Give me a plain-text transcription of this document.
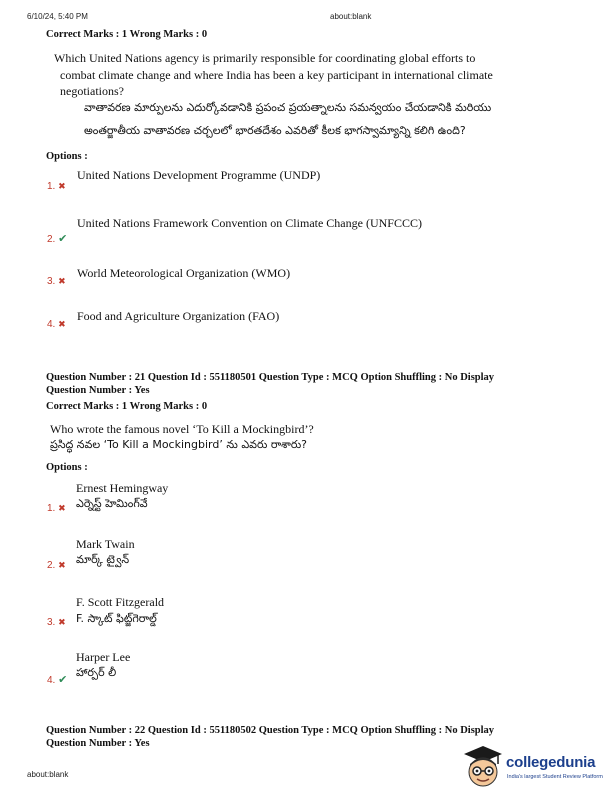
6/10/24, 5:40 PM	about:blank
Correct Marks : 1 Wrong Marks : 0
Which United Nations agency is primarily responsible for coordinating global efforts to
combat climate change and where India has been a key participant in international climate
negotiations?
వాతావరణ మార్పులను ఎదుర్కోవడానికి ప్రపంచ ప్రయత్నాలను సమన్వయం చేయడానికి మరియు
అంతర్జాతీయ వాతావరణ చర్చలలో భారతదేశం ఎవరితో కీలక భాగస్వామ్యాన్ని కలిగి ఉంది?
Options :
United Nations Development Programme (UNDP)
1. ✖
United Nations Framework Convention on Climate Change (UNFCCC)
2. ✔
World Meteorological Organization (WMO)
3. ✖
Food and Agriculture Organization (FAO)
4. ✖
Question Number : 21 Question Id : 551180501 Question Type : MCQ Option Shuffling : No Display
Question Number : Yes
Correct Marks : 1 Wrong Marks : 0
Who wrote the famous novel ‘To Kill a Mockingbird’?
ప్రసిద్ధ నవల ‘To Kill a Mockingbird’ ను ఎవరు రాశారు?
Options :
Ernest Hemingway
ఎర్నెస్ట్ హెమింగ్‌వే
1. ✖
Mark Twain
మార్క్ ట్వైన్
2. ✖
F. Scott Fitzgerald
F. స్కాట్ ఫిట్జ్‌గెరాల్డ్
3. ✖
Harper Lee
హార్పర్ లీ
4. ✔
Question Number : 22 Question Id : 551180502 Question Type : MCQ Option Shuffling : No Display
Question Number : Yes
about:blank
collegedunia
India's largest Student Review Platform
